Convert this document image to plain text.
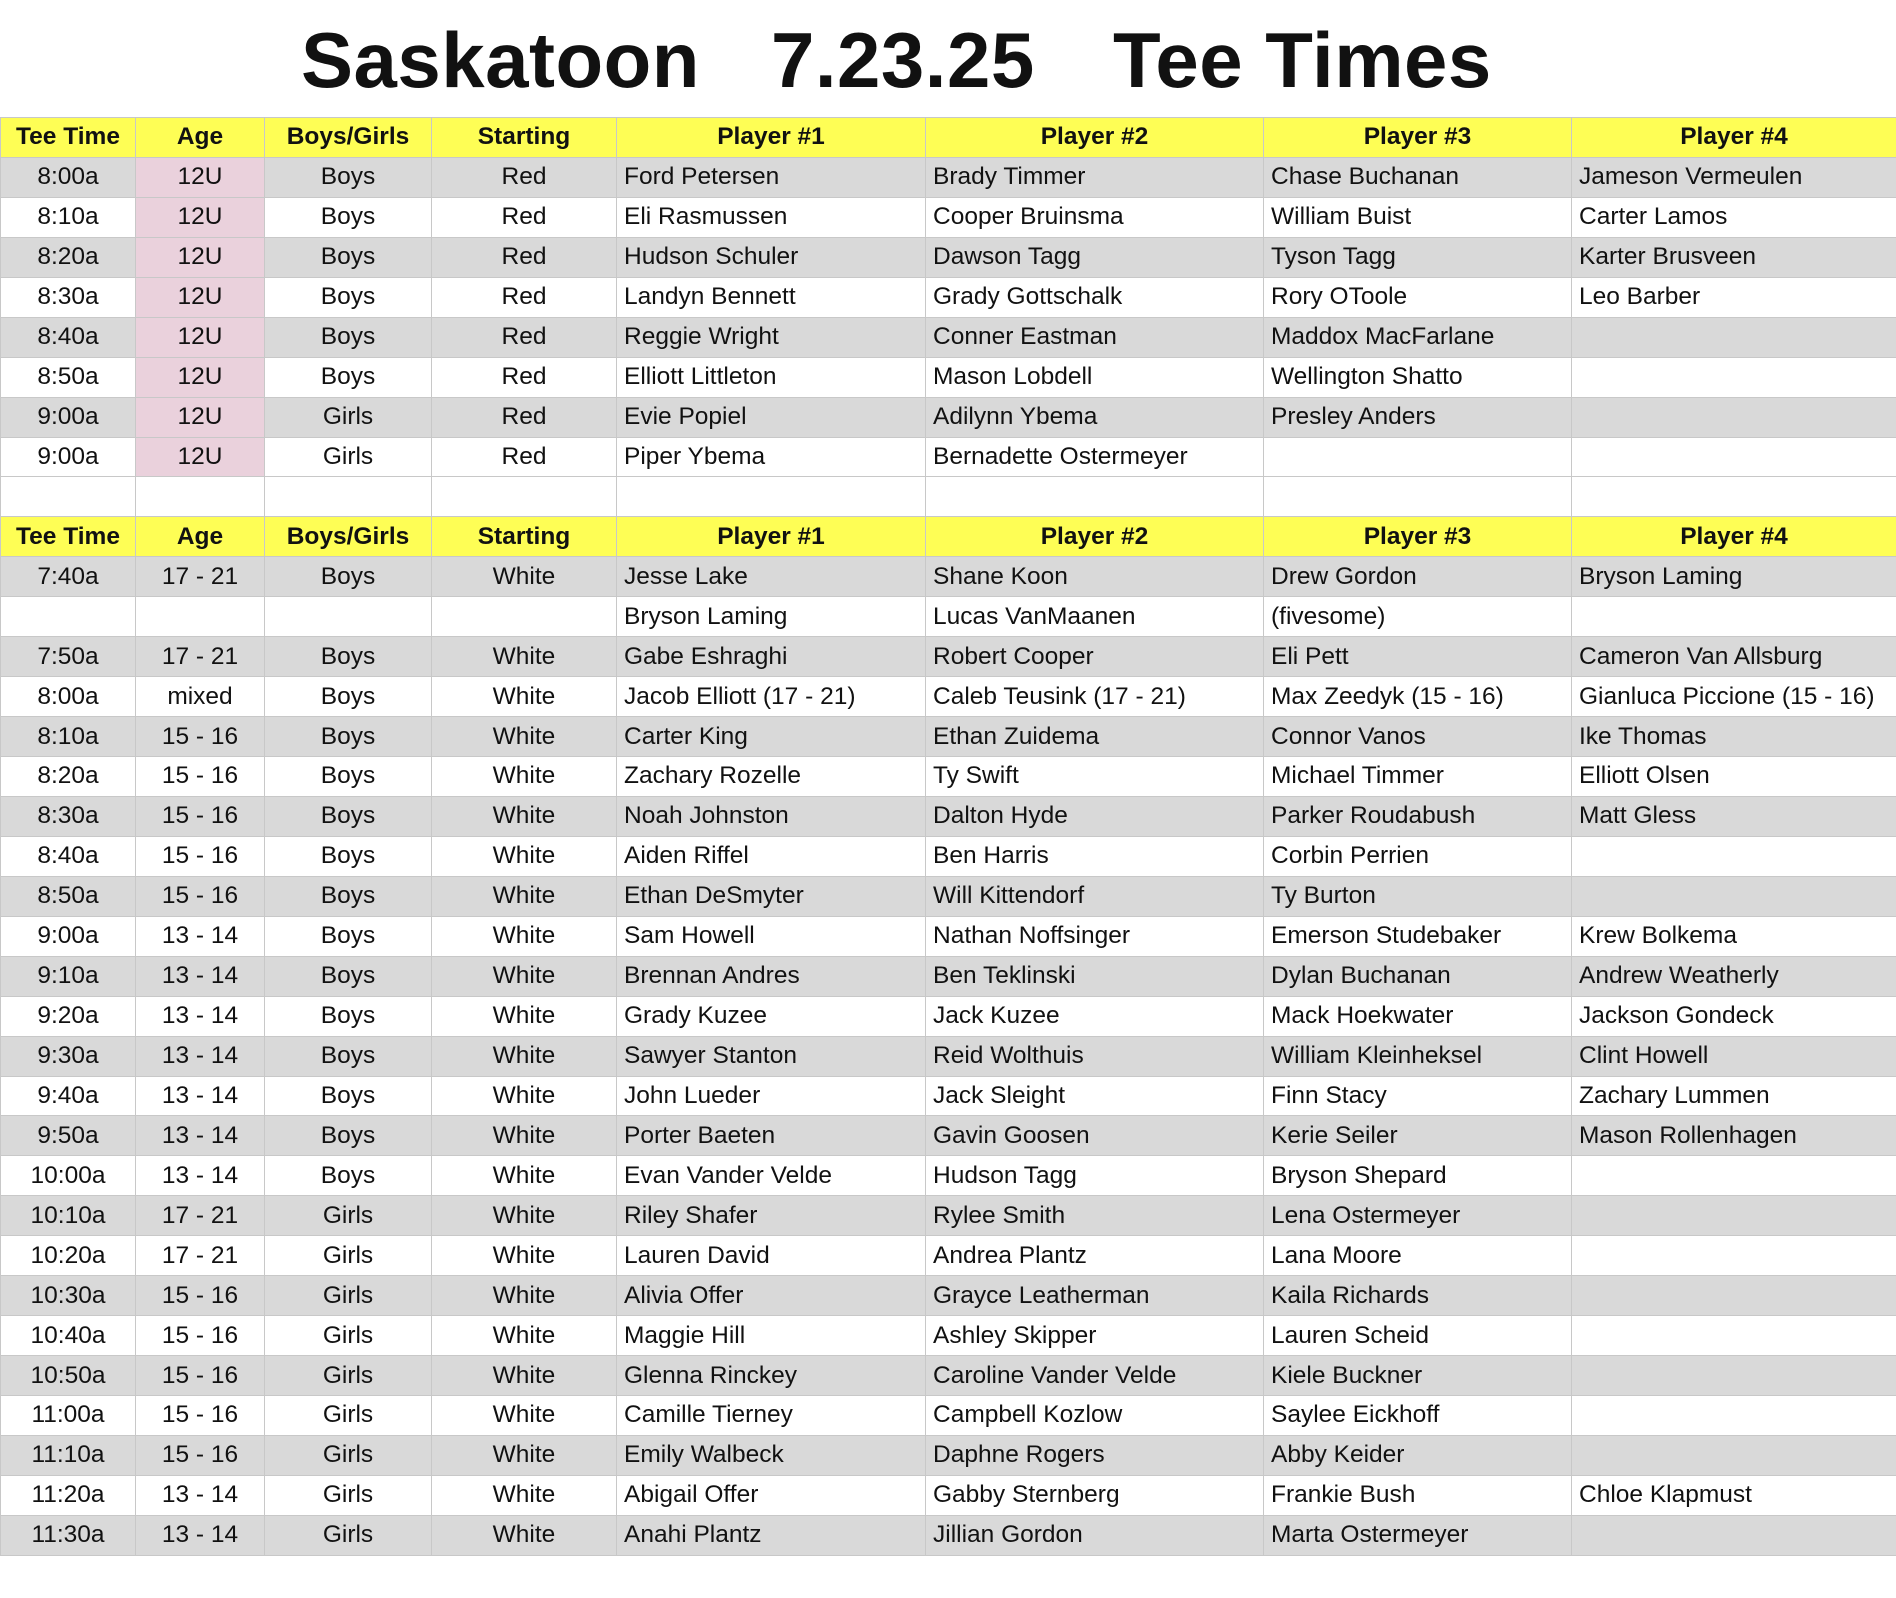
Saskatoon 7.23.25 Tee Times
Tee Time	Age	Boys/Girls	Starting	Player #1	Player #2	Player #3	Player #4
8:00a	12U	Boys	Red	Ford Petersen	Brady Timmer	Chase Buchanan	Jameson Vermeulen
8:10a	12U	Boys	Red	Eli Rasmussen	Cooper Bruinsma	William Buist	Carter Lamos
8:20a	12U	Boys	Red	Hudson Schuler	Dawson Tagg	Tyson Tagg	Karter Brusveen
8:30a	12U	Boys	Red	Landyn Bennett	Grady Gottschalk	Rory OToole	Leo Barber
8:40a	12U	Boys	Red	Reggie Wright	Conner Eastman	Maddox MacFarlane	
8:50a	12U	Boys	Red	Elliott Littleton	Mason Lobdell	Wellington Shatto	
9:00a	12U	Girls	Red	Evie Popiel	Adilynn Ybema	Presley Anders	
9:00a	12U	Girls	Red	Piper Ybema	Bernadette Ostermeyer		

Tee Time	Age	Boys/Girls	Starting	Player #1	Player #2	Player #3	Player #4
7:40a	17 - 21	Boys	White	Jesse Lake	Shane Koon	Drew Gordon	Bryson Laming
				Bryson Laming	Lucas VanMaanen	(fivesome)	
7:50a	17 - 21	Boys	White	Gabe Eshraghi	Robert Cooper	Eli Pett	Cameron Van Allsburg
8:00a	mixed	Boys	White	Jacob Elliott (17 - 21)	Caleb Teusink (17 - 21)	Max Zeedyk (15 - 16)	Gianluca Piccione (15 - 16)
8:10a	15 - 16	Boys	White	Carter King	Ethan Zuidema	Connor Vanos	Ike Thomas
8:20a	15 - 16	Boys	White	Zachary Rozelle	Ty Swift	Michael Timmer	Elliott Olsen
8:30a	15 - 16	Boys	White	Noah Johnston	Dalton Hyde	Parker Roudabush	Matt Gless
8:40a	15 - 16	Boys	White	Aiden Riffel	Ben Harris	Corbin Perrien	
8:50a	15 - 16	Boys	White	Ethan DeSmyter	Will Kittendorf	Ty Burton	
9:00a	13 - 14	Boys	White	Sam Howell	Nathan Noffsinger	Emerson Studebaker	Krew Bolkema
9:10a	13 - 14	Boys	White	Brennan Andres	Ben Teklinski	Dylan Buchanan	Andrew Weatherly
9:20a	13 - 14	Boys	White	Grady Kuzee	Jack Kuzee	Mack Hoekwater	Jackson Gondeck
9:30a	13 - 14	Boys	White	Sawyer Stanton	Reid Wolthuis	William Kleinheksel	Clint Howell
9:40a	13 - 14	Boys	White	John Lueder	Jack Sleight	Finn Stacy	Zachary Lummen
9:50a	13 - 14	Boys	White	Porter Baeten	Gavin Goosen	Kerie Seiler	Mason Rollenhagen
10:00a	13 - 14	Boys	White	Evan Vander Velde	Hudson Tagg	Bryson Shepard	
10:10a	17 - 21	Girls	White	Riley Shafer	Rylee Smith	Lena Ostermeyer	
10:20a	17 - 21	Girls	White	Lauren David	Andrea Plantz	Lana Moore	
10:30a	15 - 16	Girls	White	Alivia Offer	Grayce Leatherman	Kaila Richards	
10:40a	15 - 16	Girls	White	Maggie Hill	Ashley Skipper	Lauren Scheid	
10:50a	15 - 16	Girls	White	Glenna Rinckey	Caroline Vander Velde	Kiele Buckner	
11:00a	15 - 16	Girls	White	Camille Tierney	Campbell Kozlow	Saylee Eickhoff	
11:10a	15 - 16	Girls	White	Emily Walbeck	Daphne Rogers	Abby Keider	
11:20a	13 - 14	Girls	White	Abigail Offer	Gabby Sternberg	Frankie Bush	Chloe Klapmust
11:30a	13 - 14	Girls	White	Anahi Plantz	Jillian Gordon	Marta Ostermeyer	
